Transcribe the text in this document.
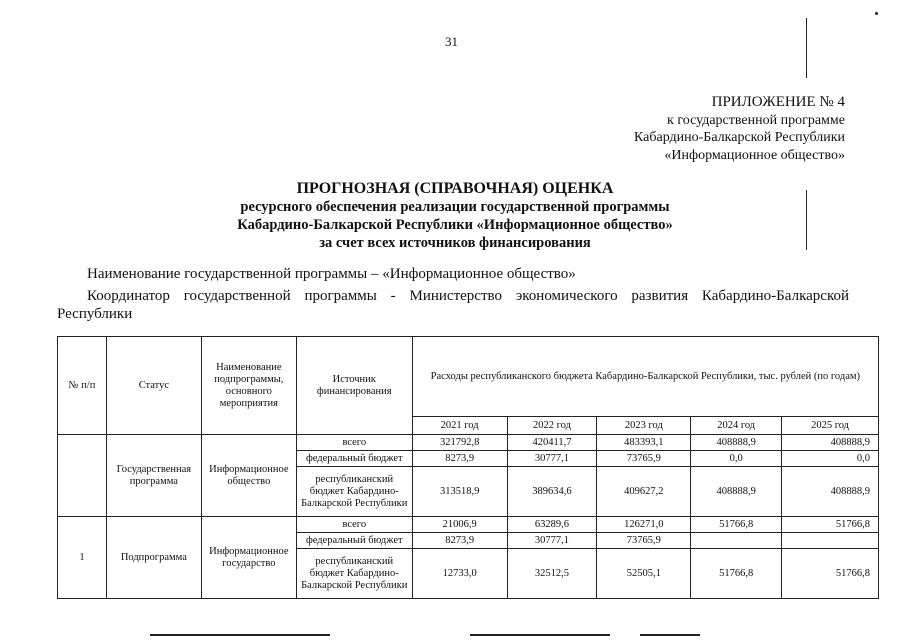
31
ПРИЛОЖЕНИЕ № 4
к государственной программе
Кабардино-Балкарской Республики
«Информационное общество»
ПРОГНОЗНАЯ (СПРАВОЧНАЯ) ОЦЕНКА
ресурсного обеспечения реализации государственной программы
Кабардино-Балкарской Республики «Информационное общество»
за счет всех источников финансирования
Наименование государственной программы – «Информационное общество»
Координатор государственной программы - Министерство экономического развития Кабардино-Балкарской Республики
№ п/п	Статус	Наименование подпрограммы, основного мероприятия	Источник финансирования	Расходы республиканского бюджета Кабардино-Балкарской Республики, тыс. рублей (по годам)				
				2021 год	2022 год	2023 год	2024 год	2025 год
	Государственная программа	Информационное общество	всего	321792,8	420411,7	483393,1	408888,9	408888,9
			федеральный бюджет	8273,9	30777,1	73765,9	0,0	0,0
			республиканский бюджет Кабардино-Балкарской Республики	313518,9	389634,6	409627,2	408888,9	408888,9
1	Подпрограмма	Информационное государство	всего	21006,9	63289,6	126271,0	51766,8	51766,8
			федеральный бюджет	8273,9	30777,1	73765,9		
			республиканский бюджет Кабардино-Балкарской Республики	12733,0	32512,5	52505,1	51766,8	51766,8
